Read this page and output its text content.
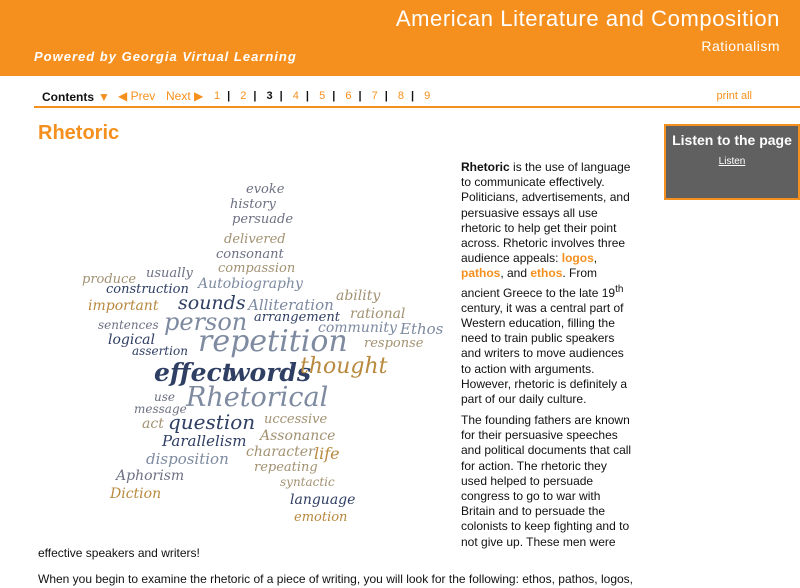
American Literature and Composition
Rationalism
Powered by Georgia Virtual Learning
Contents ▼ ◀ Prev Next ▶ 1 | 2 | 3 | 4 | 5 | 6 | 7 | 8 | 9	print all
Rhetoric	Listen to the page
Listen
evoke
history
persuade
delivered
consonant
compassion
produce usually
Autobiography
construction
important sounds Alliteration ability
rational
sentences person arrangement
community Ethos
logical
assertion repetition response
effect
words
thought
use
message Rhetorical
act question uccessive
Parallelism Assonance
disposition character life
repeating
Aphorism	syntactic
Diction	language
emotion
Rhetoric is the use of language to communicate effectively. Politicians, advertisements, and persuasive essays all use rhetoric to help get their point across. Rhetoric involves three audience appeals: logos, pathos, and ethos. From ancient Greece to the late 19th century, it was a central part of Western education, filling the need to train public speakers and writers to move audiences to action with arguments. However, rhetoric is definitely a part of our daily culture.
The founding fathers are known for their persuasive speeches and political documents that call for action. The rhetoric they used helped to persuade congress to go to war with Britain and to persuade the colonists to keep fighting and to not give up. These men were
effective speakers and writers!
When you begin to examine the rhetoric of a piece of writing, you will look for the following: ethos, pathos, logos,
